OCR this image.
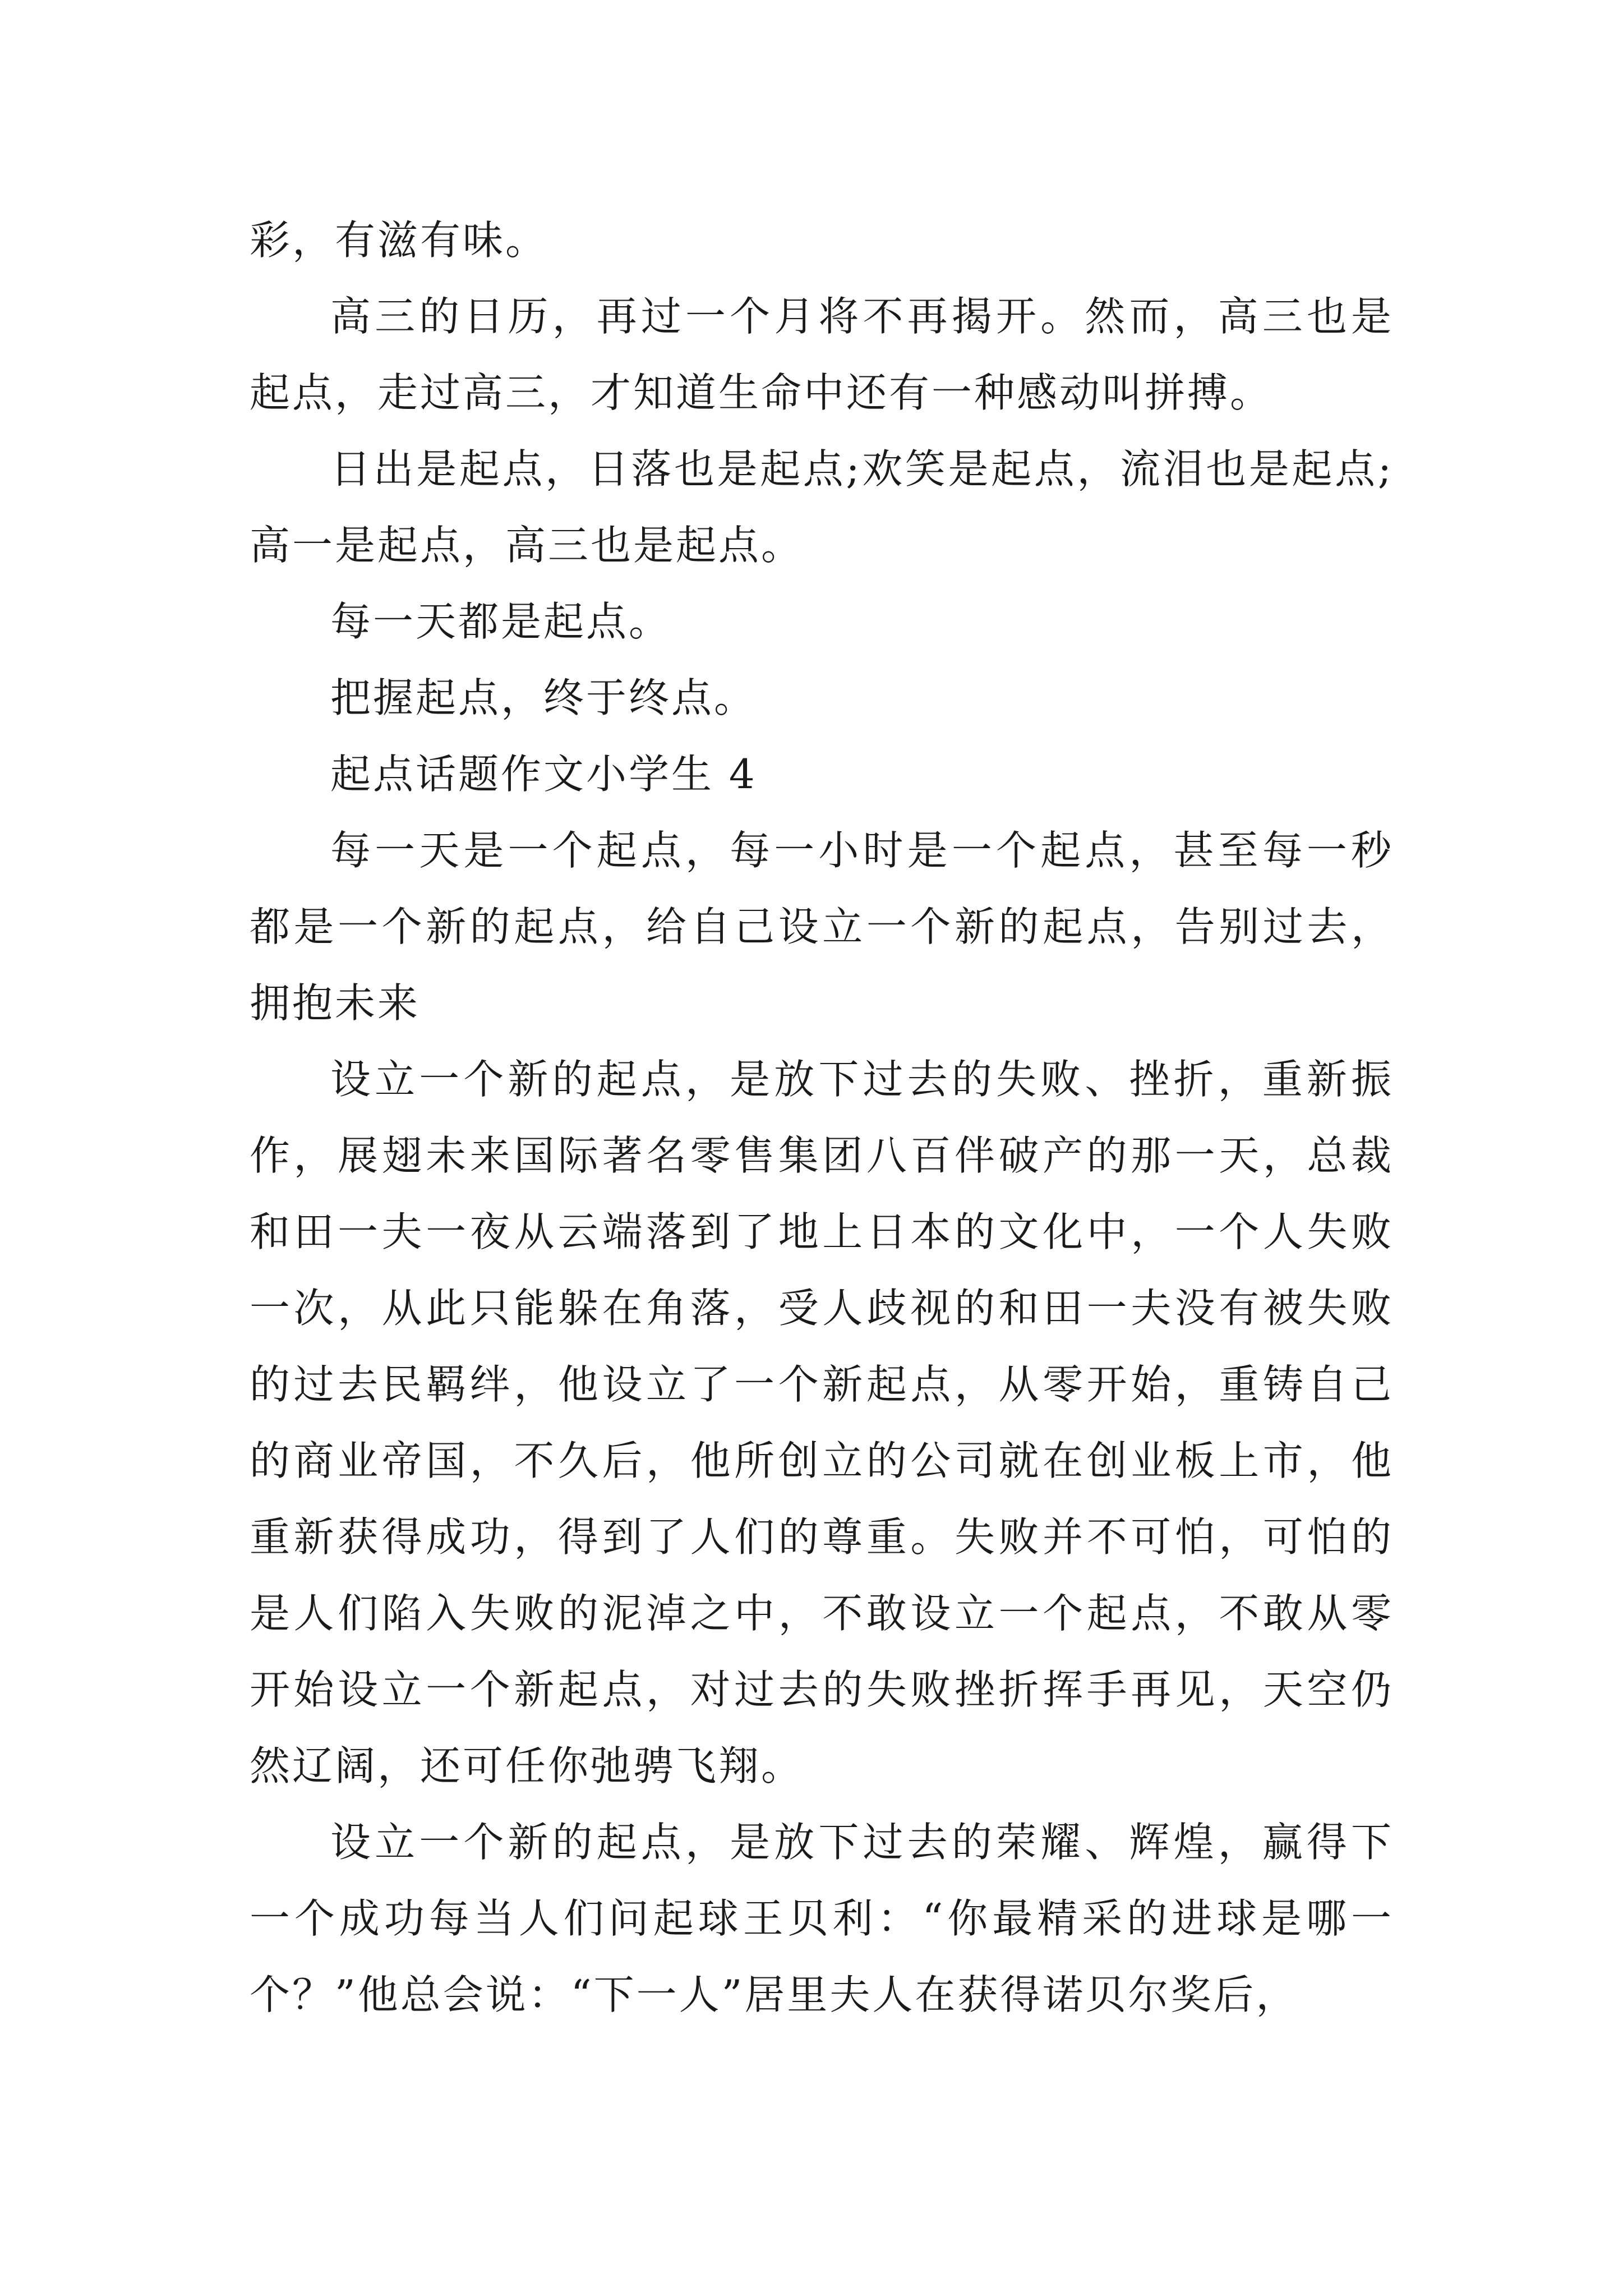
彩，有滋有味。

高三的日历，再过一个月将不再揭开。然而，高三也是起点，走过高三，才知道生命中还有一种感动叫拼搏。

日出是起点，日落也是起点;欢笑是起点，流泪也是起点;高一是起点，高三也是起点。

每一天都是起点。

把握起点，终于终点。

起点话题作文小学生 4

每一天是一个起点，每一小时是一个起点，甚至每一秒都是一个新的起点，给自己设立一个新的起点，告别过去，拥抱未来

设立一个新的起点，是放下过去的失败、挫折，重新振作，展翅未来国际著名零售集团八百伴破产的那一天，总裁和田一夫一夜从云端落到了地上日本的文化中，一个人失败一次，从此只能躲在角落，受人歧视的和田一夫没有被失败的过去民羁绊，他设立了一个新起点，从零开始，重铸自己的商业帝国，不久后，他所创立的公司就在创业板上市，他重新获得成功，得到了人们的尊重。失败并不可怕，可怕的是人们陷入失败的泥淖之中，不敢设立一个起点，不敢从零开始设立一个新起点，对过去的失败挫折挥手再见，天空仍然辽阔，还可任你弛骋飞翔。

设立一个新的起点，是放下过去的荣耀、辉煌，赢得下一个成功每当人们问起球王贝利：“你最精采的进球是哪一个？”他总会说：“下一人”居里夫人在获得诺贝尔奖后，
